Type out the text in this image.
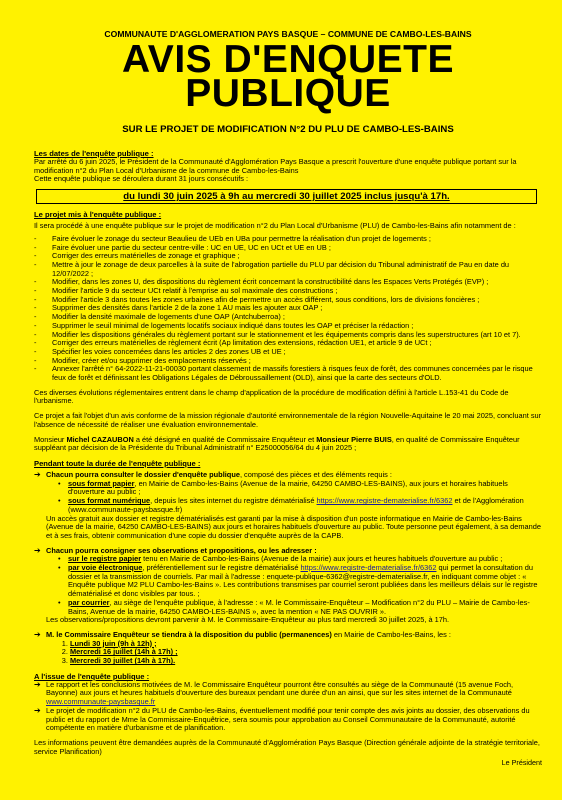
COMMUNAUTE D'AGGLOMERATION PAYS BASQUE – COMMUNE DE CAMBO-LES-BAINS
AVIS D'ENQUETE
PUBLIQUE
SUR LE PROJET DE MODIFICATION N°2 DU PLU DE CAMBO-LES-BAINS

Les dates de l'enquête publique :

Par arrêté du 6 juin 2025, le Président de la Communauté d'Agglomération Pays Basque a prescrit l'ouverture d'une enquête publique portant sur la modification n°2 du Plan Local d'Urbanisme de la commune de Cambo-les-Bains

Cette enquête publique se déroulera durant 31 jours consécutifs :

du lundi 30 juin 2025 à 9h au mercredi 30 juillet 2025 inclus jusqu'à 17h.

Le projet mis à l'enquête publique :

Il sera procédé à une enquête publique sur le projet de modification n°2 du Plan Local d'Urbanisme (PLU) de Cambo-les-Bains afin notamment de :

- Faire évoluer le zonage du secteur Beaulieu de UEb en UBa pour permettre la réalisation d'un projet de logements ;
- Faire évoluer une partie du secteur centre-ville : UC en UE, UC en UCt et UE en UB ;
- Corriger des erreurs matérielles de zonage et graphique ;
- Mettre à jour le zonage de deux parcelles à la suite de l'abrogation partielle du PLU par décision du Tribunal administratif de Pau en date du 12/07/2022 ;
- Modifier, dans les zones U, des dispositions du règlement écrit concernant la constructibilité dans les Espaces Verts Protégés (EVP) ;
- Modifier l'article 9 du secteur UCt relatif à l'emprise au sol maximale des constructions ;
- Modifier l'article 3 dans toutes les zones urbaines afin de permettre un accès différent, sous conditions, lors de divisions foncières ;
- Supprimer des densités dans l'article 2 de la zone 1 AU mais les ajouter aux OAP ;
- Modifier la densité maximale de logements d'une OAP (Antchuberroa) ;
- Supprimer le seuil minimal de logements locatifs sociaux indiqué dans toutes les OAP et préciser la rédaction ;
- Modifier les dispositions générales du règlement portant sur le stationnement et les équipements compris dans les superstructures (art 10 et 7).
- Corriger des erreurs matérielles de règlement écrit (Ap limitation des extensions, rédaction UE1, et article 9 de UCt ;
- Spécifier les voies concernées dans les articles 2 des zones UB et UE ;
- Modifier, créer et/ou supprimer des emplacements réservés ;
- Annexer l'arrêté n° 64-2022-11-21-00030 portant classement de massifs forestiers à risques feux de forêt, des communes concernées par le risque feux de forêt et définissant les Obligations Légales de Débroussaillement (OLD), ainsi que la carte des secteurs d'OLD.

Ces diverses évolutions réglementaires entrent dans le champ d'application de la procédure de modification défini à l'article L.153-41 du Code de l'urbanisme.

Ce projet a fait l'objet d'un avis conforme de la mission régionale d'autorité environnementale de la région Nouvelle-Aquitaine le 20 mai 2025, concluant sur l'absence de nécessité de réaliser une évaluation environnementale.

Monsieur Michel CAZAUBON a été désigné en qualité de Commissaire Enquêteur et Monsieur Pierre BUIS, en qualité de Commissaire Enquêteur suppléant par décision de la Présidente du Tribunal Administratif n° E25000056/64 du 4 juin 2025 ;

Pendant toute la durée de l'enquête publique :

➔ Chacun pourra consulter le dossier d'enquête publique, composé des pièces et des éléments requis :

• sous format papier, en Mairie de Cambo-les-Bains (Avenue de la mairie, 64250 CAMBO-LES-BAINS), aux jours et horaires habituels d'ouverture au public ;
• sous format numérique, depuis les sites internet du registre dématérialisé https://www.registre-dematerialise.fr/6362 et de l'Agglomération (www.communaute-paysbasque.fr)

Un accès gratuit aux dossier et registre dématérialisés est garanti par la mise à disposition d'un poste informatique en Mairie de Cambo-les-Bains (Avenue de la mairie, 64250 CAMBO-LES-BAINS) aux jours et horaires habituels d'ouverture au public. Toute personne peut également, à sa demande et à ses frais, obtenir communication d'une copie du dossier d'enquête auprès de la CAPB.

➔ Chacun pourra consigner ses observations et propositions, ou les adresser :

• sur le registre papier tenu en Mairie de Cambo-les-Bains (Avenue de la mairie) aux jours et heures habituels d'ouverture au public ;
• par voie électronique, préférentiellement sur le registre dématérialisé https://www.registre-dematerialise.fr/6362 qui permet la consultation du dossier et la transmission de courriels. Par mail à l'adresse : enquete-publique-6362@registre-dematerialise.fr, en indiquant comme objet : « Enquête publique M2 PLU Cambo-les-Bains ». Les contributions transmises par courriel seront publiées dans les meilleurs délais sur le registre dématérialisé et donc visibles par tous. ;
• par courrier, au siège de l'enquête publique, à l'adresse : « M. le Commissaire-Enquêteur – Modification n°2 du PLU – Mairie de Cambo-les-Bains, Avenue de la mairie, 64250 CAMBO-LES-BAINS », avec la mention « NE PAS OUVRIR ».

Les observations/propositions devront parvenir à M. le Commissaire-Enquêteur au plus tard mercredi 30 juillet 2025, à 17h.

➔ M. le Commissaire Enquêteur se tiendra à la disposition du public (permanences) en Mairie de Cambo-les-Bains, les :

1. Lundi 30 juin (9h à 12h) ;
2. Mercredi 16 juillet (14h à 17h) ;
3. Mercredi 30 juillet (14h à 17h).

A l'issue de l'enquête publique :

➔ Le rapport et les conclusions motivées de M. le Commissaire Enquêteur pourront être consultés au siège de la Communauté (15 avenue Foch, Bayonne) aux jours et heures habituels d'ouverture des bureaux pendant une durée d'un an ainsi, que sur les sites internet de la Communauté www.communaute-paysbasque.fr

➔ Le projet de modification n°2 du PLU de Cambo-les-Bains, éventuellement modifié pour tenir compte des avis joints au dossier, des observations du public et du rapport de Mme la Commissaire-Enquêtrice, sera soumis pour approbation au Conseil Communautaire de la Communauté, autorité compétente en matière d'urbanisme et de planification.

Les informations peuvent être demandées auprès de la Communauté d'Agglomération Pays Basque (Direction générale adjointe de la stratégie territoriale, service Planification)

Le Président
